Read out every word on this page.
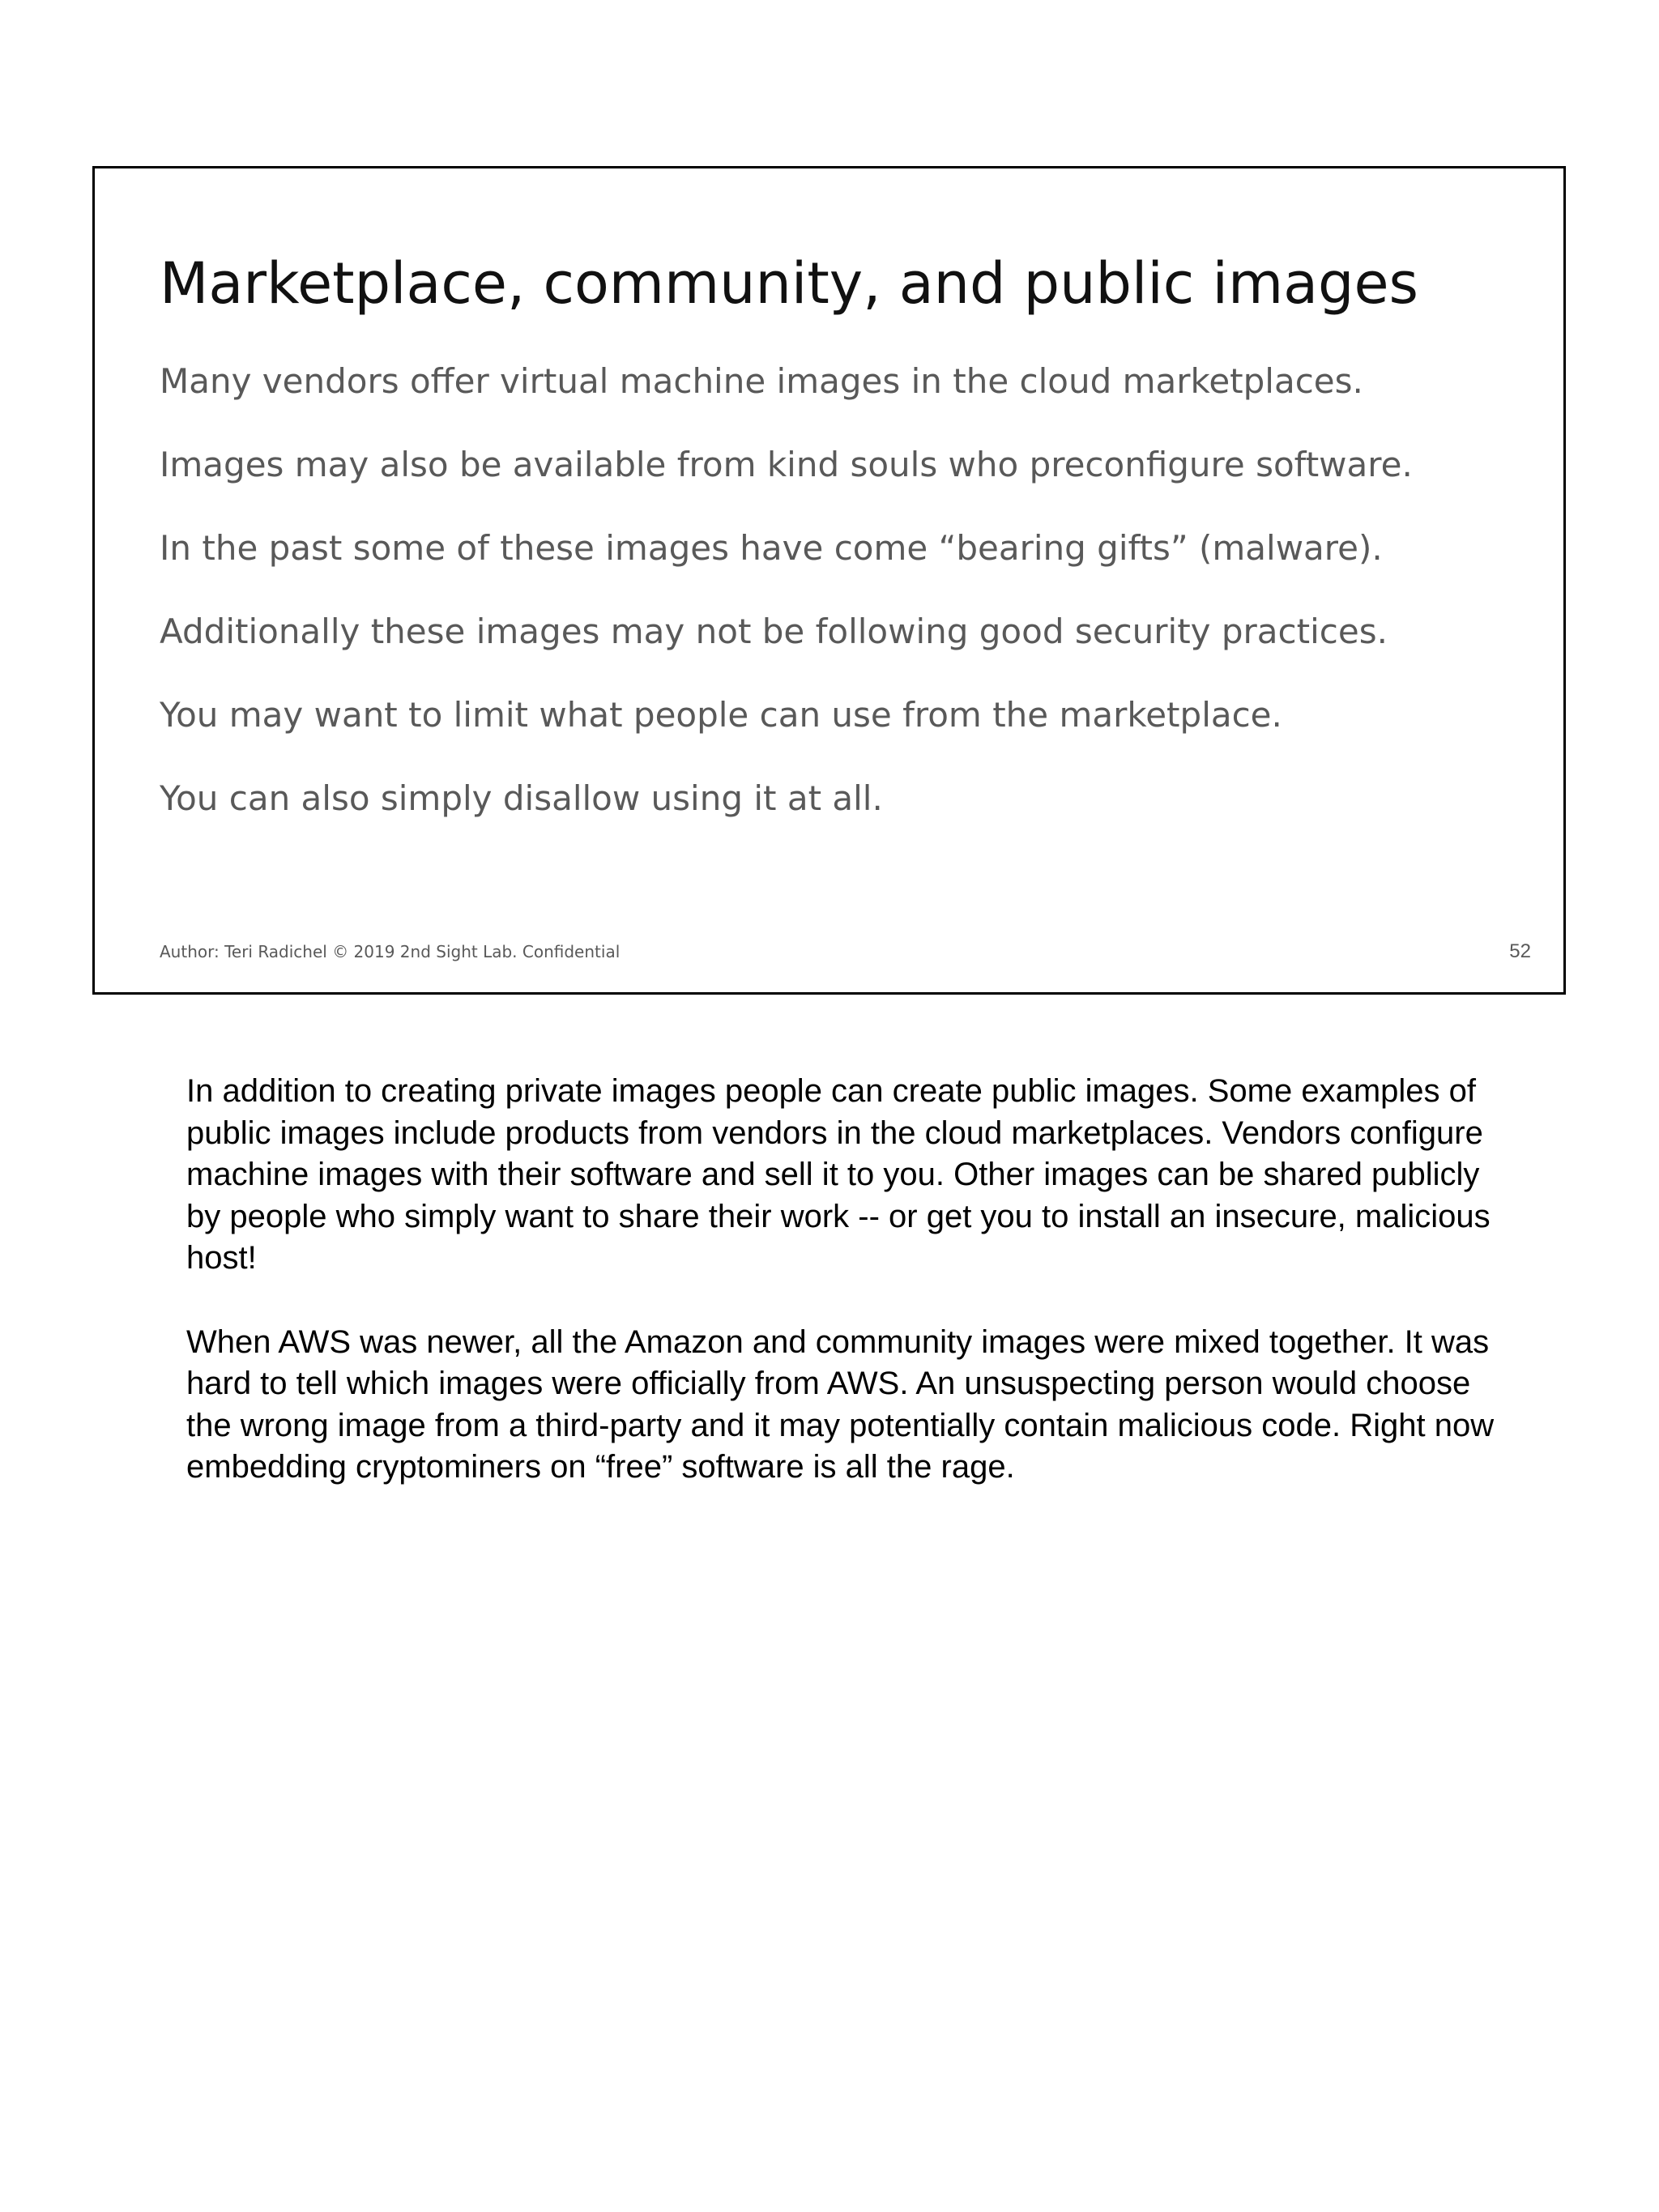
Marketplace, community, and public images
Many vendors offer virtual machine images in the cloud marketplaces.
Images may also be available from kind souls who preconfigure software.
In the past some of these images have come “bearing gifts” (malware).
Additionally these images may not be following good security practices.
You may want to limit what people can use from the marketplace.
You can also simply disallow using it at all.
Author: Teri Radichel © 2019 2nd Sight Lab. Confidential	52

In addition to creating private images people can create public images. Some examples of public images include products from vendors in the cloud marketplaces. Vendors configure machine images with their software and sell it to you. Other images can be shared publicly by people who simply want to share their work -- or get you to install an insecure, malicious host!

When AWS was newer, all the Amazon and community images were mixed together. It was hard to tell which images were officially from AWS. An unsuspecting person would choose the wrong image from a third-party and it may potentially contain malicious code. Right now embedding cryptominers on “free” software is all the rage.
